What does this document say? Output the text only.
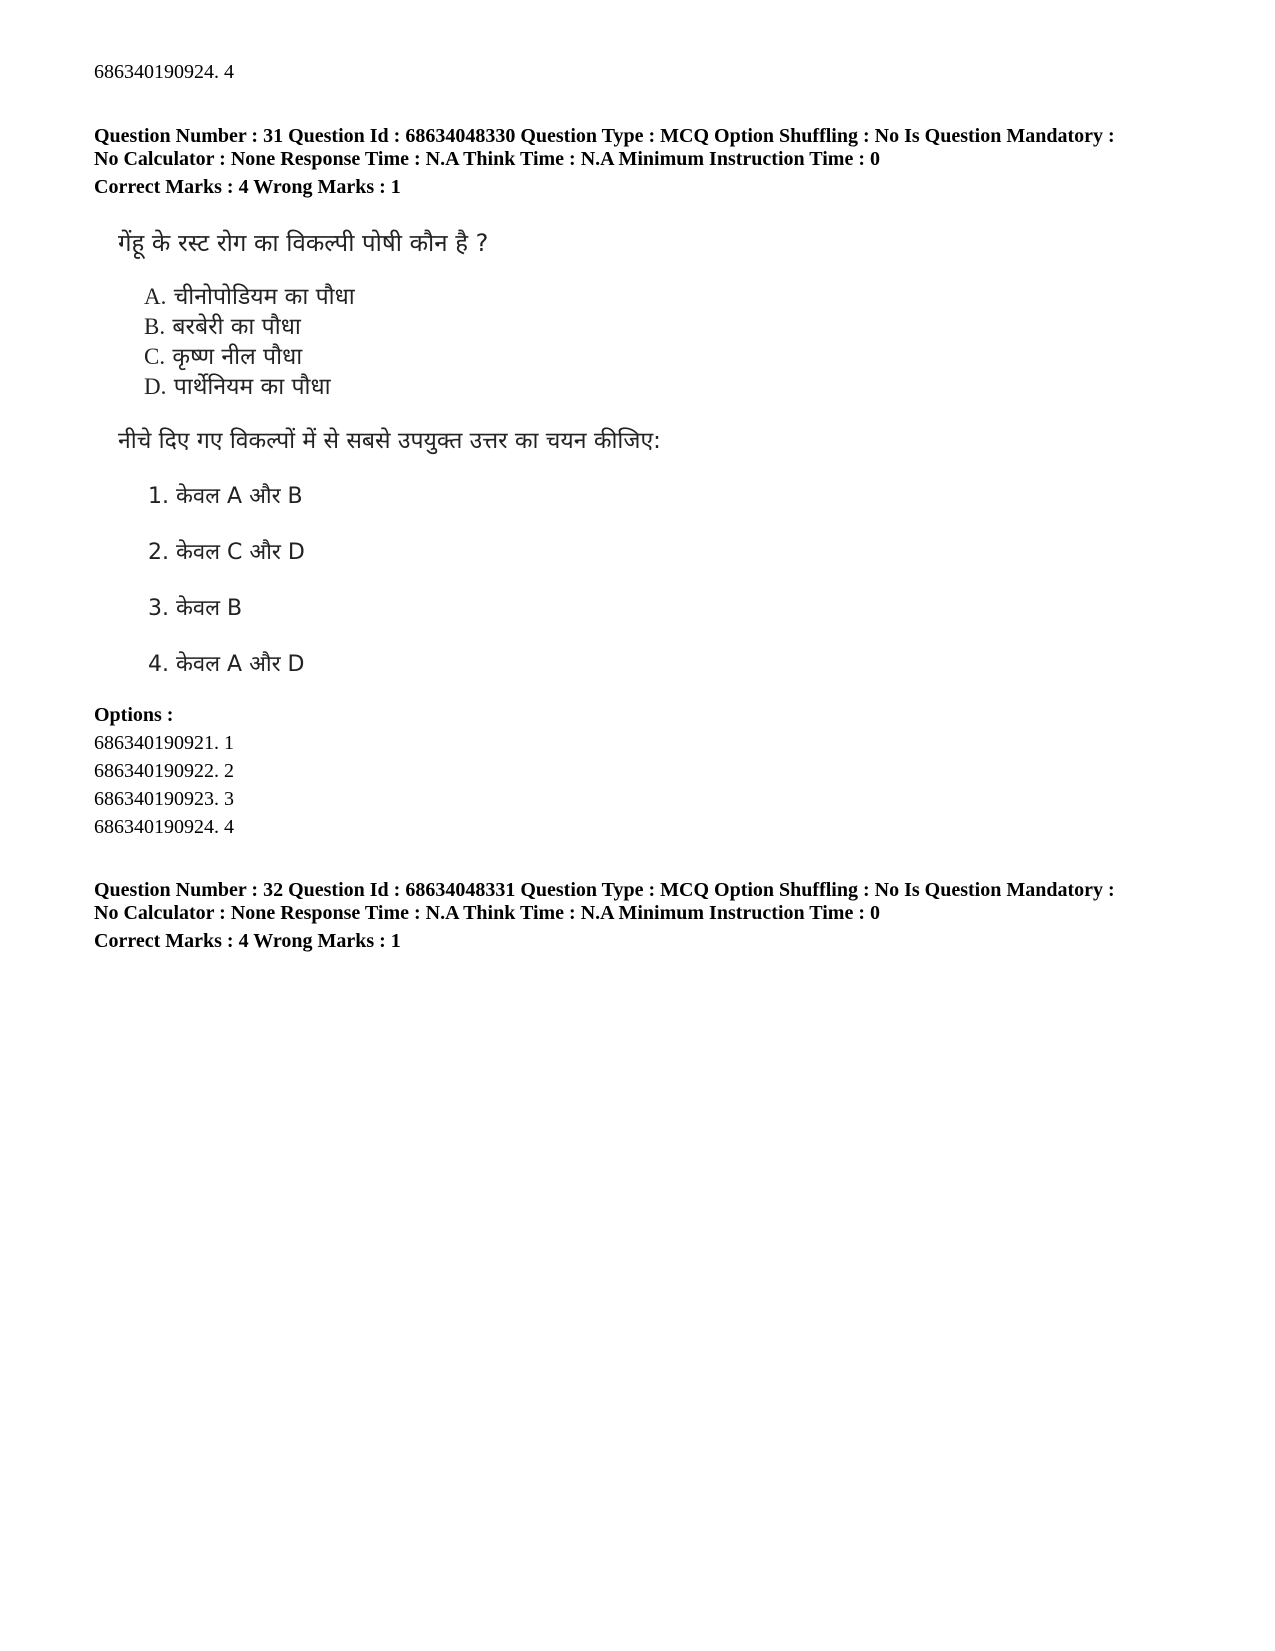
686340190924. 4
Question Number : 31 Question Id : 68634048330 Question Type : MCQ Option Shuffling : No Is Question Mandatory :
No Calculator : None Response Time : N.A Think Time : N.A Minimum Instruction Time : 0
Correct Marks : 4 Wrong Marks : 1
गेंहू के रस्ट रोग का विकल्पी पोषी कौन है ?
A. चीनोपोडियम का पौधा
B. बरबेरी का पौधा
C. कृष्ण नील पौधा
D. पार्थेनियम का पौधा
नीचे दिए गए विकल्पों में से सबसे उपयुक्त उत्तर का चयन कीजिए:
1. केवल A और B
2. केवल C और D
3. केवल B
4. केवल A और D
Options :
686340190921. 1
686340190922. 2
686340190923. 3
686340190924. 4
Question Number : 32 Question Id : 68634048331 Question Type : MCQ Option Shuffling : No Is Question Mandatory :
No Calculator : None Response Time : N.A Think Time : N.A Minimum Instruction Time : 0
Correct Marks : 4 Wrong Marks : 1
